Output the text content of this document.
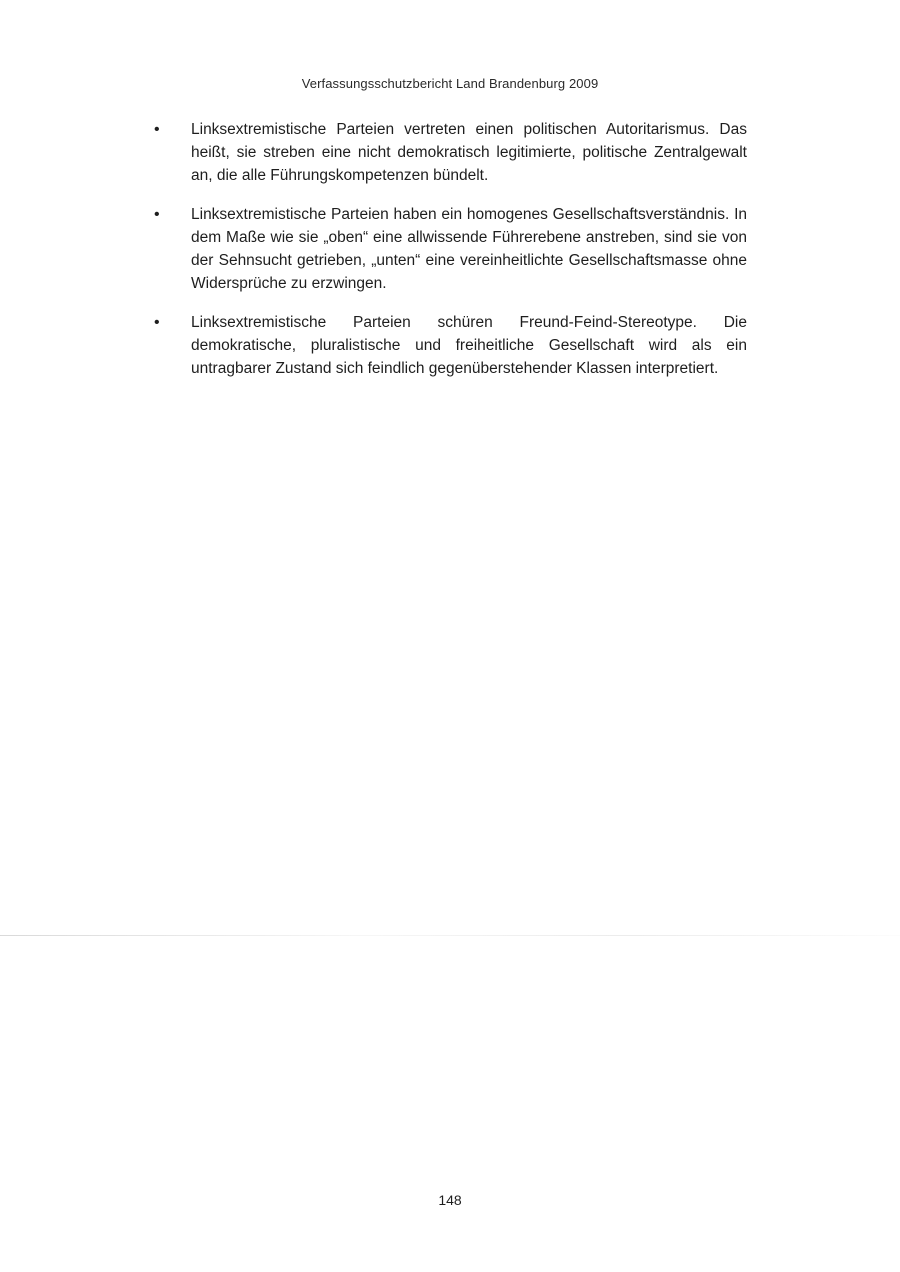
Verfassungsschutzbericht Land Brandenburg 2009
• Linksextremistische Parteien vertreten einen politischen Autoritarismus. Das heißt, sie streben eine nicht demokratisch legitimierte, politische Zentralgewalt an, die alle Führungskompetenzen bündelt.
• Linksextremistische Parteien haben ein homogenes Gesellschaftsverständnis. In dem Maße wie sie „oben“ eine allwissende Führerebene anstreben, sind sie von der Sehnsucht getrieben, „unten“ eine vereinheitlichte Gesellschaftsmasse ohne Widersprüche zu erzwingen.
• Linksextremistische Parteien schüren Freund-Feind-Stereotype. Die demokratische, pluralistische und freiheitliche Gesellschaft wird als ein untragbarer Zustand sich feindlich gegenüberstehender Klassen interpretiert.
148
